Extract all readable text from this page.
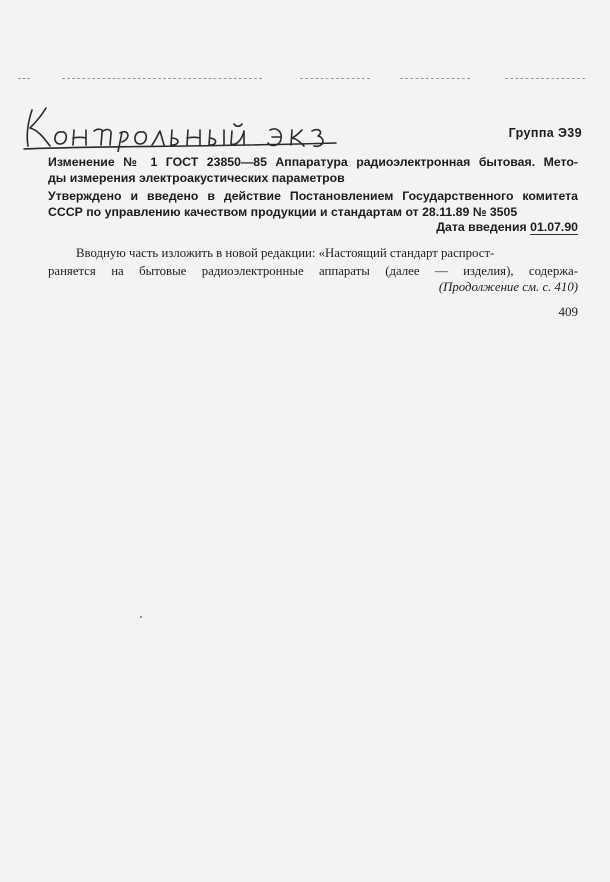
Группа Э39
Изменение № 1 ГОСТ 23850—85 Аппаратура радиоэлектронная бытовая. Мето-
ды измерения электроакустических параметров
Утверждено и введено в действие Постановлением Государственного комитета
СССР по управлению качеством продукции и стандартам от 28.11.89 № 3505
Дата введения 01.07.90
Вводную часть изложить в новой редакции: «Настоящий стандарт распрост-
раняется на бытовые радиоэлектронные аппараты (далее — изделия), содержа-
(Продолжение см. с. 410)
409
